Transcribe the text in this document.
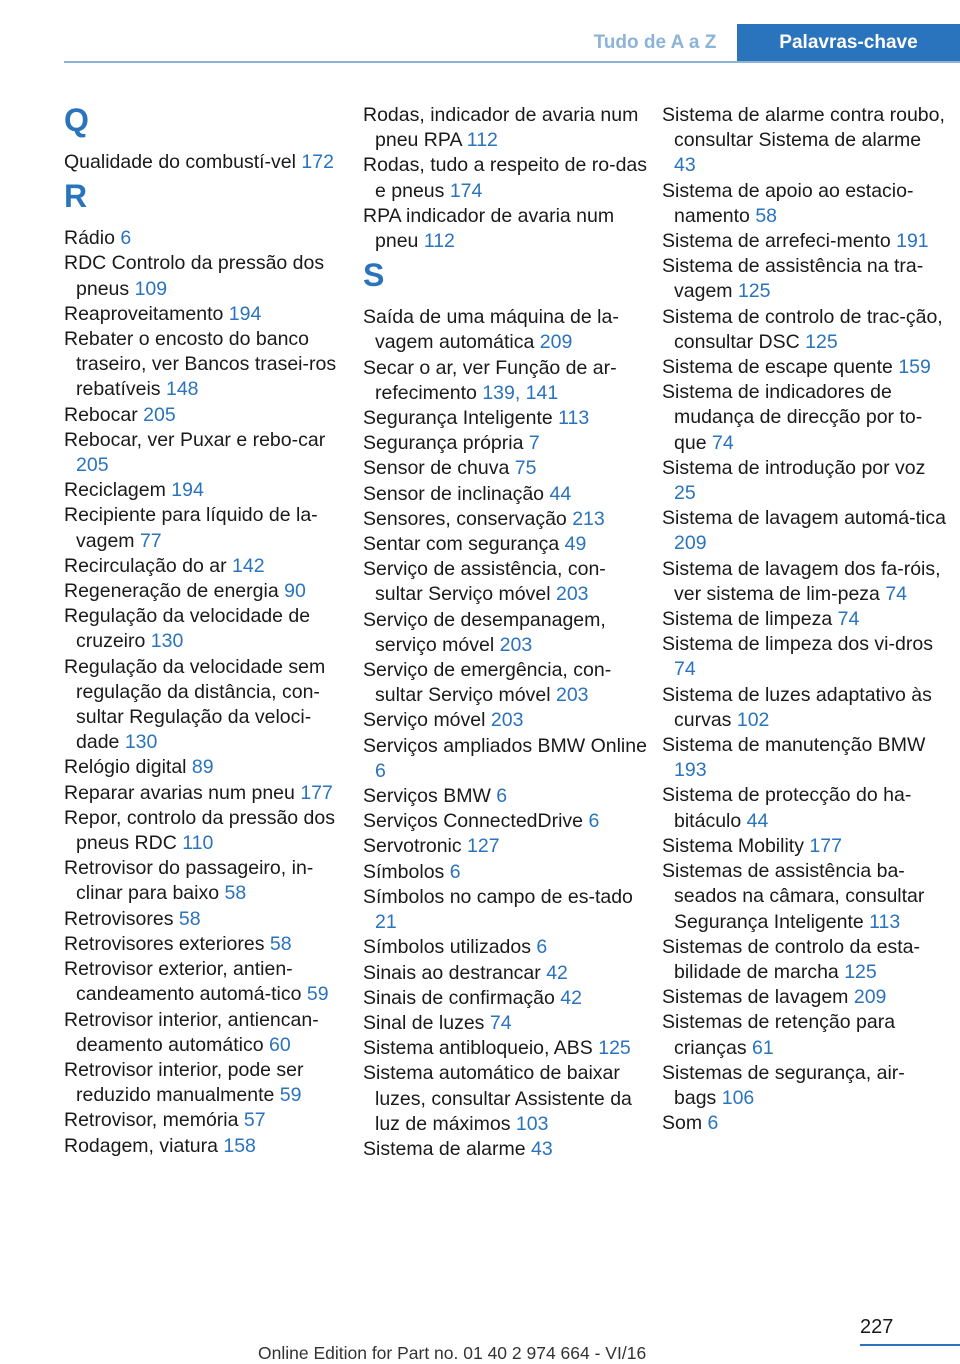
Tudo de A a Z	Palavras-chave
Q
Qualidade do combustí-vel 172
R
Rádio 6
RDC Controlo da pressão dos pneus 109
Reaproveitamento 194
Rebater o encosto do banco traseiro, ver Bancos trasei-ros rebatíveis 148
Rebocar 205
Rebocar, ver Puxar e rebo-car 205
Reciclagem 194
Recipiente para líquido de la-vagem 77
Recirculação do ar 142
Regeneração de energia 90
Regulação da velocidade de cruzeiro 130
Regulação da velocidade sem regulação da distância, con-sultar Regulação da veloci-dade 130
Relógio digital 89
Reparar avarias num pneu 177
Repor, controlo da pressão dos pneus RDC 110
Retrovisor do passageiro, in-clinar para baixo 58
Retrovisores 58
Retrovisores exteriores 58
Retrovisor exterior, antien-candeamento automá-tico 59
Retrovisor interior, antiencan-deamento automático 60
Retrovisor interior, pode ser reduzido manualmente 59
Retrovisor, memória 57
Rodagem, viatura 158
Rodas, indicador de avaria num pneu RPA 112
Rodas, tudo a respeito de ro-das e pneus 174
RPA indicador de avaria num pneu 112
S
Saída de uma máquina de la-vagem automática 209
Secar o ar, ver Função de ar-refecimento 139, 141
Segurança Inteligente 113
Segurança própria 7
Sensor de chuva 75
Sensor de inclinação 44
Sensores, conservação 213
Sentar com segurança 49
Serviço de assistência, con-sultar Serviço móvel 203
Serviço de desempanagem, serviço móvel 203
Serviço de emergência, con-sultar Serviço móvel 203
Serviço móvel 203
Serviços ampliados BMW Online 6
Serviços BMW 6
Serviços ConnectedDrive 6
Servotronic 127
Símbolos 6
Símbolos no campo de es-tado 21
Símbolos utilizados 6
Sinais ao destrancar 42
Sinais de confirmação 42
Sinal de luzes 74
Sistema antibloqueio, ABS 125
Sistema automático de baixar luzes, consultar Assistente da luz de máximos 103
Sistema de alarme 43
Sistema de alarme contra roubo, consultar Sistema de alarme 43
Sistema de apoio ao estacio-namento 58
Sistema de arrefeci-mento 191
Sistema de assistência na tra-vagem 125
Sistema de controlo de trac-ção, consultar DSC 125
Sistema de escape quente 159
Sistema de indicadores de mudança de direcção por to-que 74
Sistema de introdução por voz 25
Sistema de lavagem automá-tica 209
Sistema de lavagem dos fa-róis, ver sistema de lim-peza 74
Sistema de limpeza 74
Sistema de limpeza dos vi-dros 74
Sistema de luzes adaptativo às curvas 102
Sistema de manutenção BMW 193
Sistema de protecção do ha-bitáculo 44
Sistema Mobility 177
Sistemas de assistência ba-seados na câmara, consultar Segurança Inteligente 113
Sistemas de controlo da esta-bilidade de marcha 125
Sistemas de lavagem 209
Sistemas de retenção para crianças 61
Sistemas de segurança, air-bags 106
Som 6
227
Online Edition for Part no. 01 40 2 974 664 - VI/16
